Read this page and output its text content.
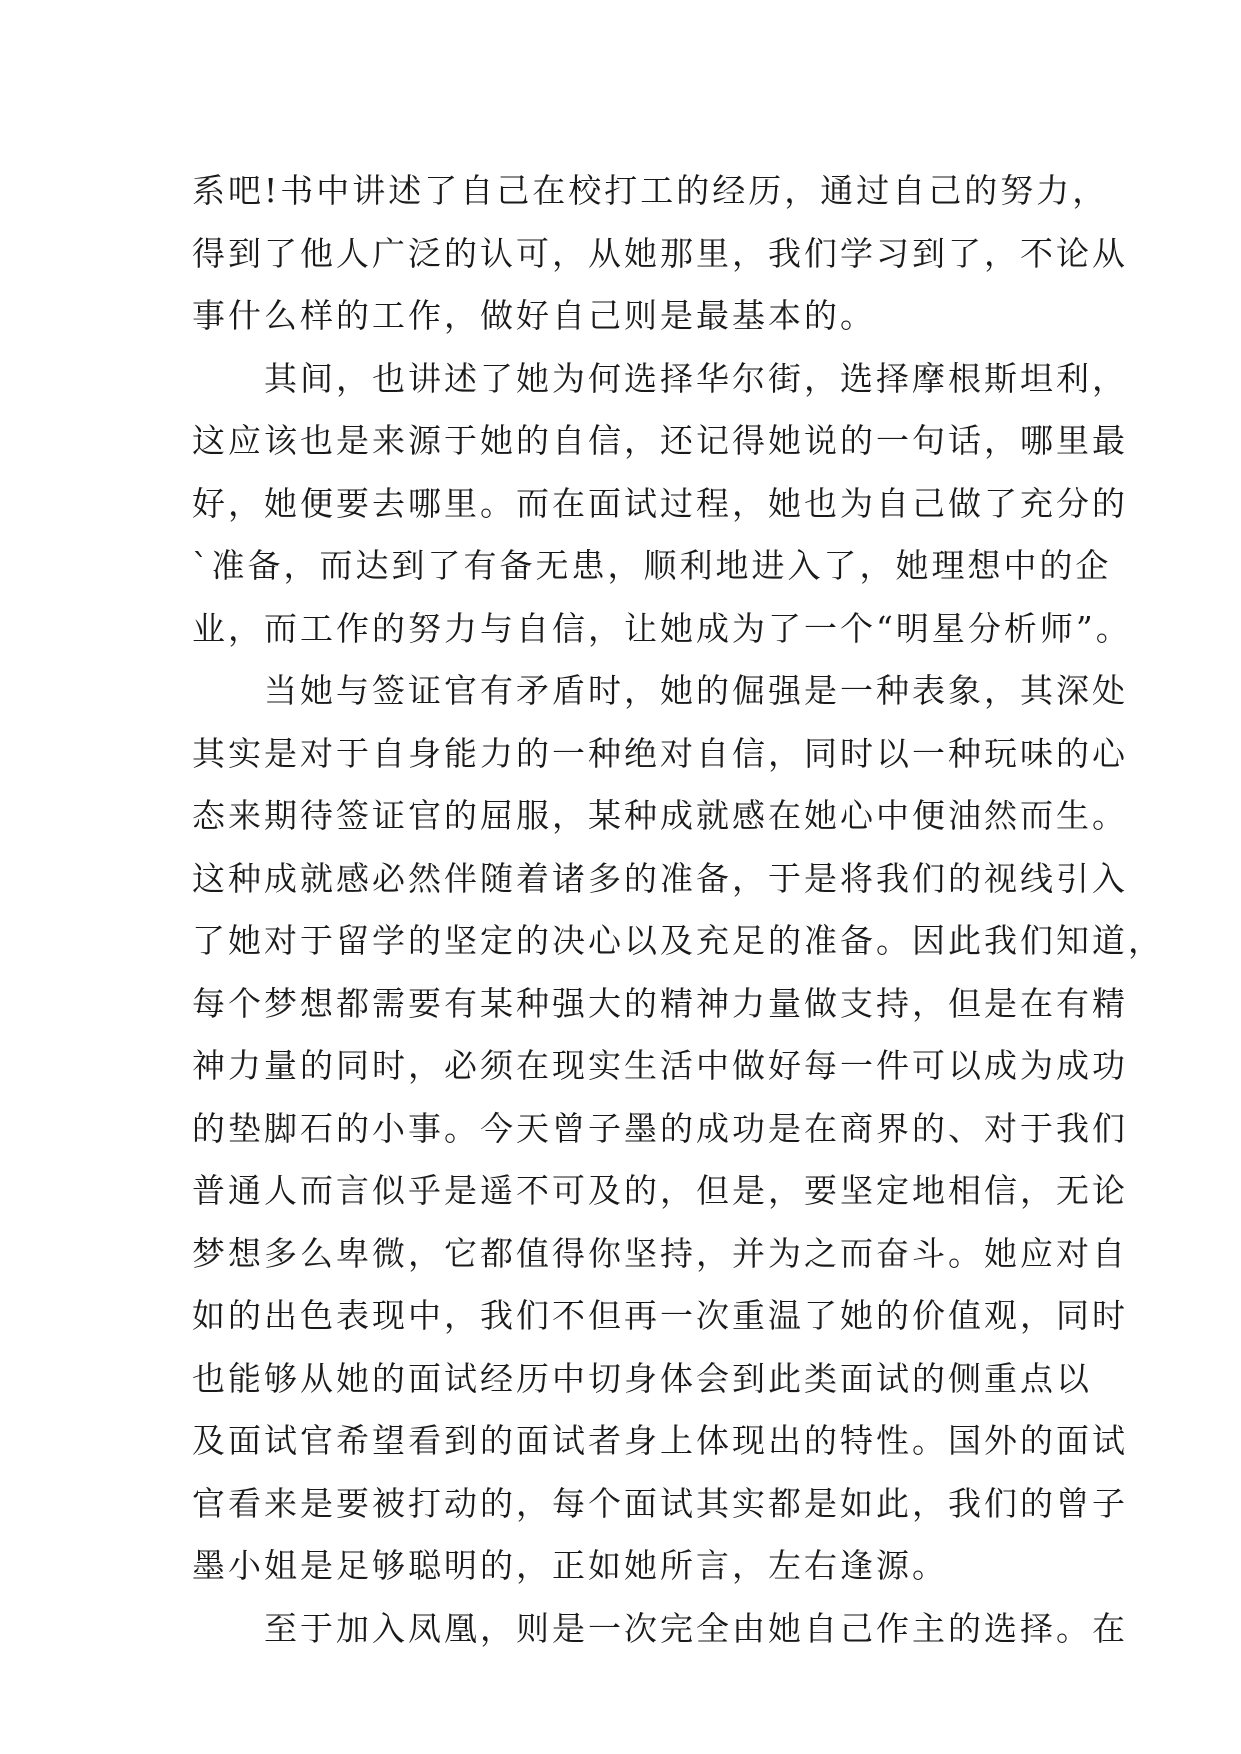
系吧!书中讲述了自己在校打工的经历，通过自己的努力，
得到了他人广泛的认可，从她那里，我们学习到了，不论从
事什么样的工作，做好自己则是最基本的。
　　其间，也讲述了她为何选择华尔街，选择摩根斯坦利，
这应该也是来源于她的自信，还记得她说的一句话，哪里最
好，她便要去哪里。而在面试过程，她也为自己做了充分的
`准备，而达到了有备无患，顺利地进入了，她理想中的企
业，而工作的努力与自信，让她成为了一个“明星分析师”。
　　当她与签证官有矛盾时，她的倔强是一种表象，其深处
其实是对于自身能力的一种绝对自信，同时以一种玩味的心
态来期待签证官的屈服，某种成就感在她心中便油然而生。
这种成就感必然伴随着诸多的准备，于是将我们的视线引入
了她对于留学的坚定的决心以及充足的准备。因此我们知道，
每个梦想都需要有某种强大的精神力量做支持，但是在有精
神力量的同时，必须在现实生活中做好每一件可以成为成功
的垫脚石的小事。今天曾子墨的成功是在商界的、对于我们
普通人而言似乎是遥不可及的，但是，要坚定地相信，无论
梦想多么卑微，它都值得你坚持，并为之而奋斗。她应对自
如的出色表现中，我们不但再一次重温了她的价值观，同时
也能够从她的面试经历中切身体会到此类面试的侧重点以
及面试官希望看到的面试者身上体现出的特性。国外的面试
官看来是要被打动的，每个面试其实都是如此，我们的曾子
墨小姐是足够聪明的，正如她所言，左右逢源。
　　至于加入凤凰，则是一次完全由她自己作主的选择。在
